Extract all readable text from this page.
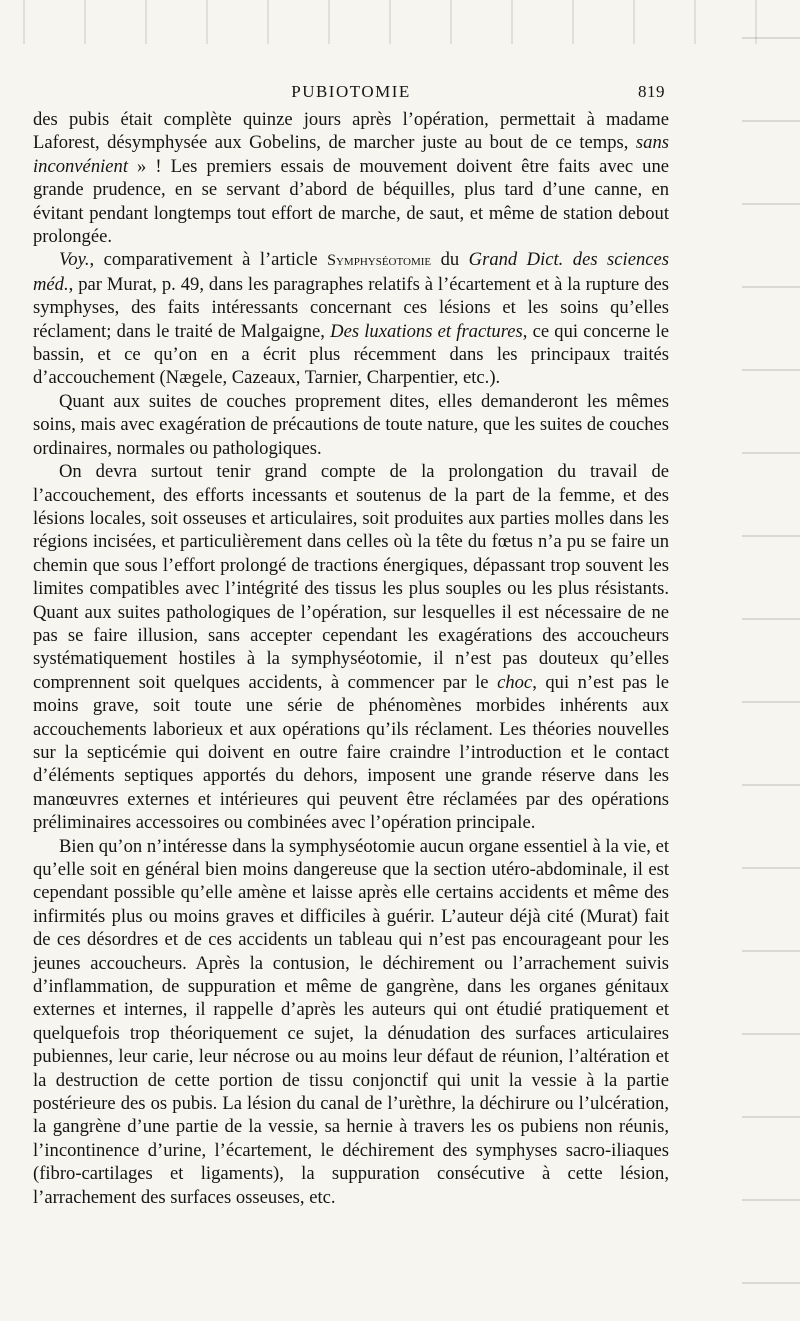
PUBIOTOMIE	819

des pubis était complète quinze jours après l’opération, permettait à madame Laforest, désymphysée aux Gobelins, de marcher juste au bout de ce temps, sans inconvénient » ! Les premiers essais de mouvement doivent être faits avec une grande prudence, en se servant d’abord de béquilles, plus tard d’une canne, en évitant pendant longtemps tout effort de marche, de saut, et même de station debout prolongée.

Voy., comparativement à l’article Symphyséotomie du Grand Dict. des sciences méd., par Murat, p. 49, dans les paragraphes relatifs à l’écartement et à la rupture des symphyses, des faits intéressants concernant ces lésions et les soins qu’elles réclament; dans le traité de Malgaigne, Des luxations et fractures, ce qui concerne le bassin, et ce qu’on en a écrit plus récemment dans les principaux traités d’accouchement (Nægele, Cazeaux, Tarnier, Charpentier, etc.).

Quant aux suites de couches proprement dites, elles demanderont les mêmes soins, mais avec exagération de précautions de toute nature, que les suites de couches ordinaires, normales ou pathologiques.

On devra surtout tenir grand compte de la prolongation du travail de l’accouchement, des efforts incessants et soutenus de la part de la femme, et des lésions locales, soit osseuses et articulaires, soit produites aux parties molles dans les régions incisées, et particulièrement dans celles où la tête du fœtus n’a pu se faire un chemin que sous l’effort prolongé de tractions énergiques, dépassant trop souvent les limites compatibles avec l’intégrité des tissus les plus souples ou les plus résistants. Quant aux suites pathologiques de l’opération, sur lesquelles il est nécessaire de ne pas se faire illusion, sans accepter cependant les exagérations des accoucheurs systématiquement hostiles à la symphyséotomie, il n’est pas douteux qu’elles comprennent soit quelques accidents, à commencer par le choc, qui n’est pas le moins grave, soit toute une série de phénomènes morbides inhérents aux accouchements laborieux et aux opérations qu’ils réclament. Les théories nouvelles sur la septicémie qui doivent en outre faire craindre l’introduction et le contact d’éléments septiques apportés du dehors, imposent une grande réserve dans les manœuvres externes et intérieures qui peuvent être réclamées par des opérations préliminaires accessoires ou combinées avec l’opération principale.

Bien qu’on n’intéresse dans la symphyséotomie aucun organe essentiel à la vie, et qu’elle soit en général bien moins dangereuse que la section utéro-abdominale, il est cependant possible qu’elle amène et laisse après elle certains accidents et même des infirmités plus ou moins graves et difficiles à guérir. L’auteur déjà cité (Murat) fait de ces désordres et de ces accidents un tableau qui n’est pas encourageant pour les jeunes accoucheurs. Après la contusion, le déchirement ou l’arrachement suivis d’inflammation, de suppuration et même de gangrène, dans les organes génitaux externes et internes, il rappelle d’après les auteurs qui ont étudié pratiquement et quelquefois trop théoriquement ce sujet, la dénudation des surfaces articulaires pubiennes, leur carie, leur nécrose ou au moins leur défaut de réunion, l’altération et la destruction de cette portion de tissu conjonctif qui unit la vessie à la partie postérieure des os pubis. La lésion du canal de l’urèthre, la déchirure ou l’ulcération, la gangrène d’une partie de la vessie, sa hernie à travers les os pubiens non réunis, l’incontinence d’urine, l’écartement, le déchirement des symphyses sacro-iliaques (fibro-cartilages et ligaments), la suppuration consécutive à cette lésion, l’arrachement des surfaces osseuses, etc.
